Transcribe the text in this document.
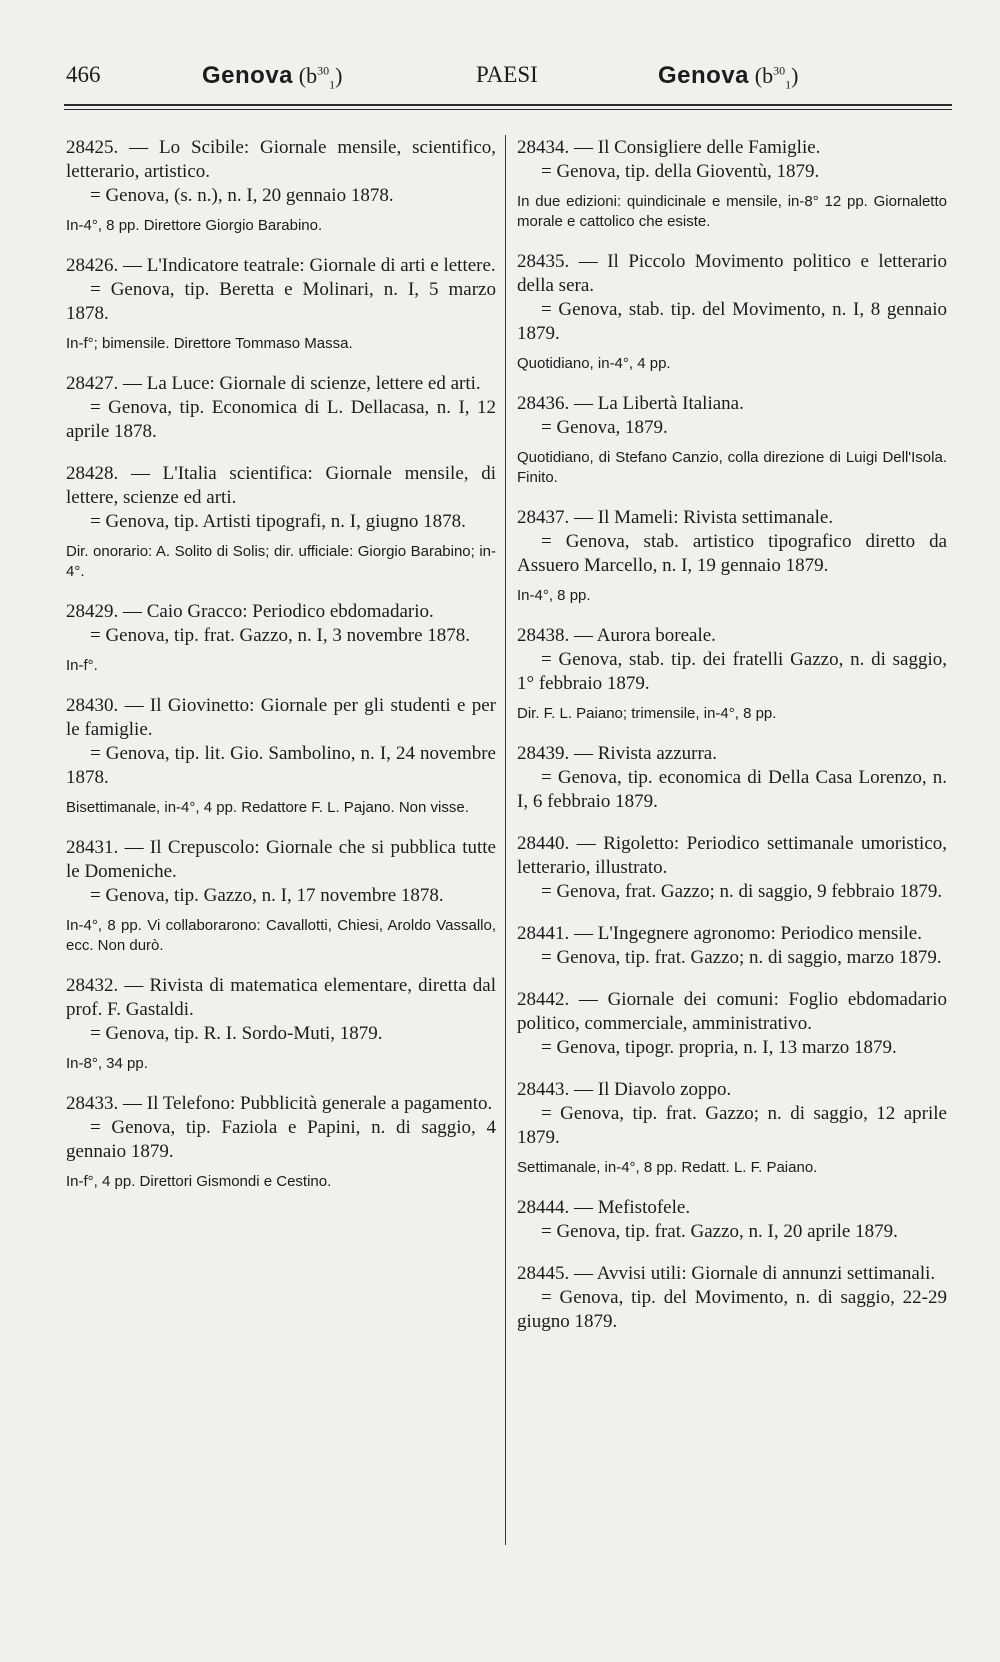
466	Genova $(b^{30}_1)$	PAESI	Genova $(b^{30}_1)$

28425. — Lo Scibile: Giornale mensile, scientifico, letterario, artistico.

= Genova, (s. n.), n. I, 20 gennaio 1878.

In-4°, 8 pp. Direttore Giorgio Barabino.

28426. — L'Indicatore teatrale: Giornale di arti e lettere.

= Genova, tip. Beretta e Molinari, n. I, 5 marzo 1878.

In-f°; bimensile. Direttore Tommaso Massa.

28427. — La Luce: Giornale di scienze, lettere ed arti.

= Genova, tip. Economica di L. Dellacasa, n. I, 12 aprile 1878.

28428. — L'Italia scientifica: Giornale mensile, di lettere, scienze ed arti.

= Genova, tip. Artisti tipografi, n. I, giugno 1878.

Dir. onorario: A. Solito di Solis; dir. ufficiale: Giorgio Barabino; in-4°.

28429. — Caio Gracco: Periodico ebdomadario.

= Genova, tip. frat. Gazzo, n. I, 3 novembre 1878.

In-f°.

28430. — Il Giovinetto: Giornale per gli studenti e per le famiglie.

= Genova, tip. lit. Gio. Sambolino, n. I, 24 novembre 1878.

Bisettimanale, in-4°, 4 pp. Redattore F. L. Pajano. Non visse.

28431. — Il Crepuscolo: Giornale che si pubblica tutte le Domeniche.

= Genova, tip. Gazzo, n. I, 17 novembre 1878.

In-4°, 8 pp. Vi collaborarono: Cavallotti, Chiesi, Aroldo Vassallo, ecc. Non durò.

28432. — Rivista di matematica elementare, diretta dal prof. F. Gastaldi.

= Genova, tip. R. I. Sordo-Muti, 1879.

In-8°, 34 pp.

28433. — Il Telefono: Pubblicità generale a pagamento.

= Genova, tip. Faziola e Papini, n. di saggio, 4 gennaio 1879.

In-f°, 4 pp. Direttori Gismondi e Cestino.

28434. — Il Consigliere delle Famiglie.

= Genova, tip. della Gioventù, 1879.

In due edizioni: quindicinale e mensile, in-8° 12 pp. Giornaletto morale e cattolico che esiste.

28435. — Il Piccolo Movimento politico e letterario della sera.

= Genova, stab. tip. del Movimento, n. I, 8 gennaio 1879.

Quotidiano, in-4°, 4 pp.

28436. — La Libertà Italiana.

= Genova, 1879.

Quotidiano, di Stefano Canzio, colla direzione di Luigi Dell'Isola. Finito.

28437. — Il Mameli: Rivista settimanale.

= Genova, stab. artistico tipografico diretto da Assuero Marcello, n. I, 19 gennaio 1879.

In-4°, 8 pp.

28438. — Aurora boreale.

= Genova, stab. tip. dei fratelli Gazzo, n. di saggio, 1° febbraio 1879.

Dir. F. L. Paiano; trimensile, in-4°, 8 pp.

28439. — Rivista azzurra.

= Genova, tip. economica di Della Casa Lorenzo, n. I, 6 febbraio 1879.

28440. — Rigoletto: Periodico settimanale umoristico, letterario, illustrato.

= Genova, frat. Gazzo; n. di saggio, 9 febbraio 1879.

28441. — L'Ingegnere agronomo: Periodico mensile.

= Genova, tip. frat. Gazzo; n. di saggio, marzo 1879.

28442. — Giornale dei comuni: Foglio ebdomadario politico, commerciale, amministrativo.

= Genova, tipogr. propria, n. I, 13 marzo 1879.

28443. — Il Diavolo zoppo.

= Genova, tip. frat. Gazzo; n. di saggio, 12 aprile 1879.

Settimanale, in-4°, 8 pp. Redatt. L. F. Paiano.

28444. — Mefistofele.

= Genova, tip. frat. Gazzo, n. I, 20 aprile 1879.

28445. — Avvisi utili: Giornale di annunzi settimanali.

= Genova, tip. del Movimento, n. di saggio, 22-29 giugno 1879.
